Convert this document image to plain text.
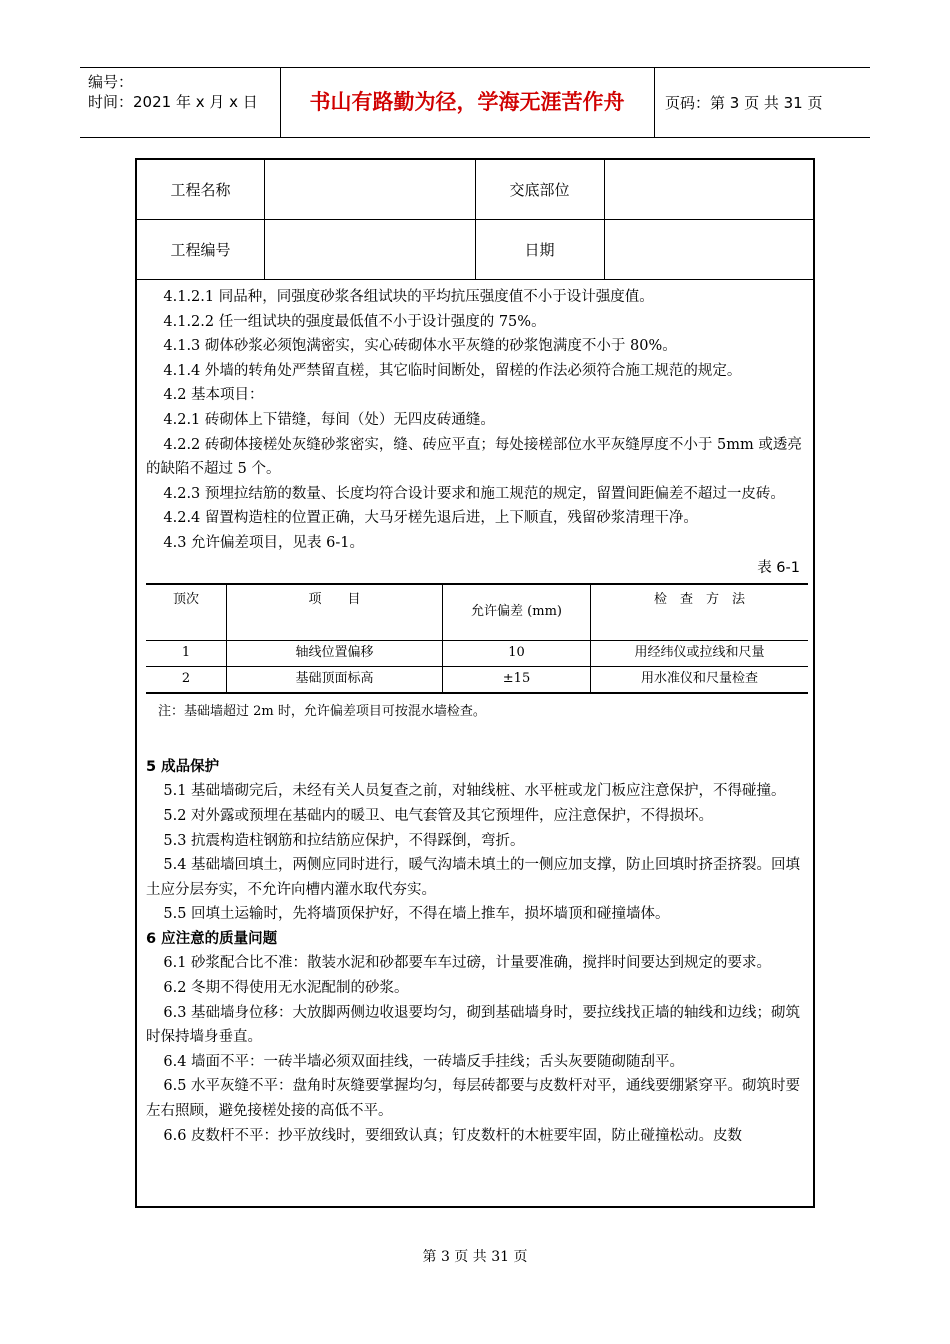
编号：
时间：2021 年 x 月 x 日	书山有路勤为径，学海无涯苦作舟	页码：第 3 页 共 31 页
工程名称	交底部位
工程编号	日期

4.1.2.1 同品种，同强度砂浆各组试块的平均抗压强度值不小于设计强度值。

4.1.2.2 任一组试块的强度最低值不小于设计强度的 75%。

4.1.3 砌体砂浆必须饱满密实，实心砖砌体水平灰缝的砂浆饱满度不小于 80%。

4.1.4 外墙的转角处严禁留直槎，其它临时间断处，留槎的作法必须符合施工规范的规定。

4.2 基本项目：

4.2.1 砖砌体上下错缝，每间（处）无四皮砖通缝。

4.2.2 砖砌体接槎处灰缝砂浆密实，缝、砖应平直；每处接槎部位水平灰缝厚度不小于 5mm 或透亮的缺陷不超过 5 个。

4.2.3 预埋拉结筋的数量、长度均符合设计要求和施工规范的规定，留置间距偏差不超过一皮砖。

4.2.4 留置构造柱的位置正确，大马牙槎先退后进，上下顺直，残留砂浆清理干净。

4.3 允许偏差项目，见表 6-1。

表 6-1
顶次	项　　目	允许偏差 (mm)	检　查　方　法
1	轴线位置偏移	10	用经纬仪或拉线和尺量
2	基础顶面标高	±15	用水准仪和尺量检查
注：基础墙超过 2m 时，允许偏差项目可按混水墙检查。
5 成品保护

5.1 基础墙砌完后，未经有关人员复查之前，对轴线桩、水平桩或龙门板应注意保护，不得碰撞。

5.2 对外露或预埋在基础内的暖卫、电气套管及其它预埋件，应注意保护，不得损坏。

5.3 抗震构造柱钢筋和拉结筋应保护，不得踩倒，弯折。

5.4 基础墙回填土，两侧应同时进行，暖气沟墙未填土的一侧应加支撑，防止回填时挤歪挤裂。回填土应分层夯实，不允许向槽内灌水取代夯实。

5.5 回填土运输时，先将墙顶保护好，不得在墙上推车，损坏墙顶和碰撞墙体。

6 应注意的质量问题

6.1 砂浆配合比不准：散装水泥和砂都要车车过磅，计量要准确，搅拌时间要达到规定的要求。

6.2 冬期不得使用无水泥配制的砂浆。

6.3 基础墙身位移：大放脚两侧边收退要均匀，砌到基础墙身时，要拉线找正墙的轴线和边线；砌筑时保持墙身垂直。

6.4 墙面不平：一砖半墙必须双面挂线，一砖墙反手挂线；舌头灰要随砌随刮平。

6.5 水平灰缝不平：盘角时灰缝要掌握均匀，每层砖都要与皮数杆对平，通线要绷紧穿平。砌筑时要左右照顾，避免接槎处接的高低不平。

6.6 皮数杆不平：抄平放线时，要细致认真；钉皮数杆的木桩要牢固，防止碰撞松动。皮数

第 3 页 共 31 页
